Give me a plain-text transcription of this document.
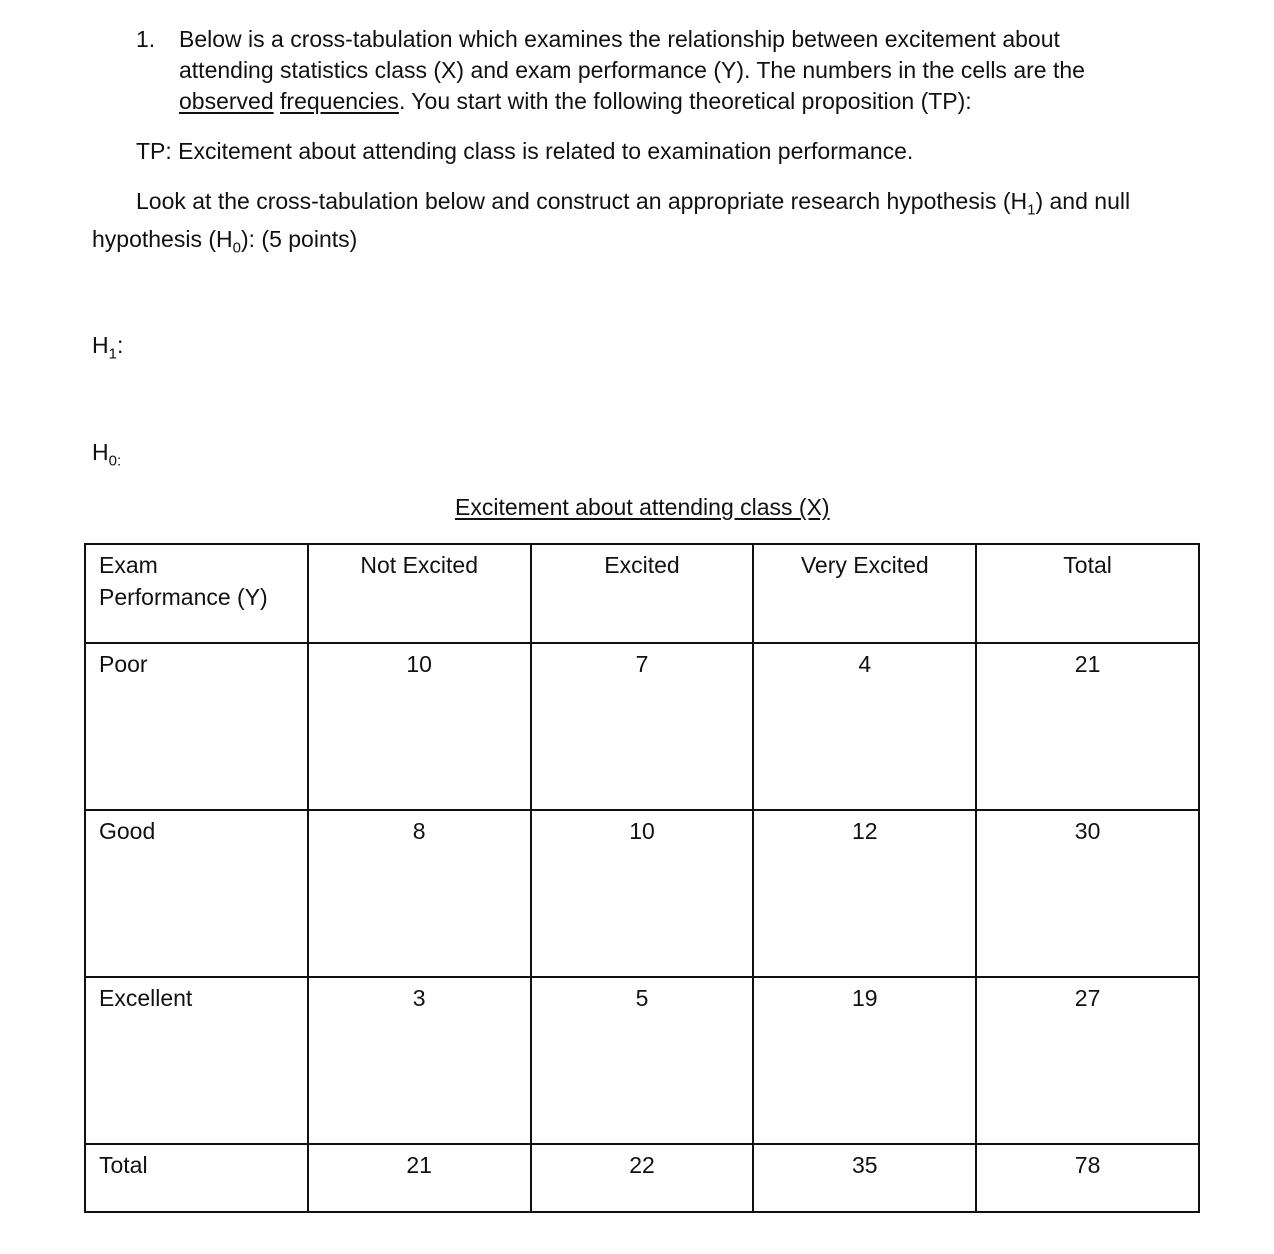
1. Below is a cross-tabulation which examines the relationship between excitement about
attending statistics class (X) and exam performance (Y). The numbers in the cells are the
observed frequencies. You start with the following theoretical proposition (TP):
TP: Excitement about attending class is related to examination performance.
Look at the cross-tabulation below and construct an appropriate research hypothesis $(H_1)$ and null
hypothesis $(H_0)$: (5 points)
$H_1$:
$H_{0:}$
Excitement about attending class (X)
Exam
Performance (Y)	Not Excited	Excited	Very Excited	Total
Poor	10	7	4	21
Good	8	10	12	30
Excellent	3	5	19	27
Total	21	22	35	78
